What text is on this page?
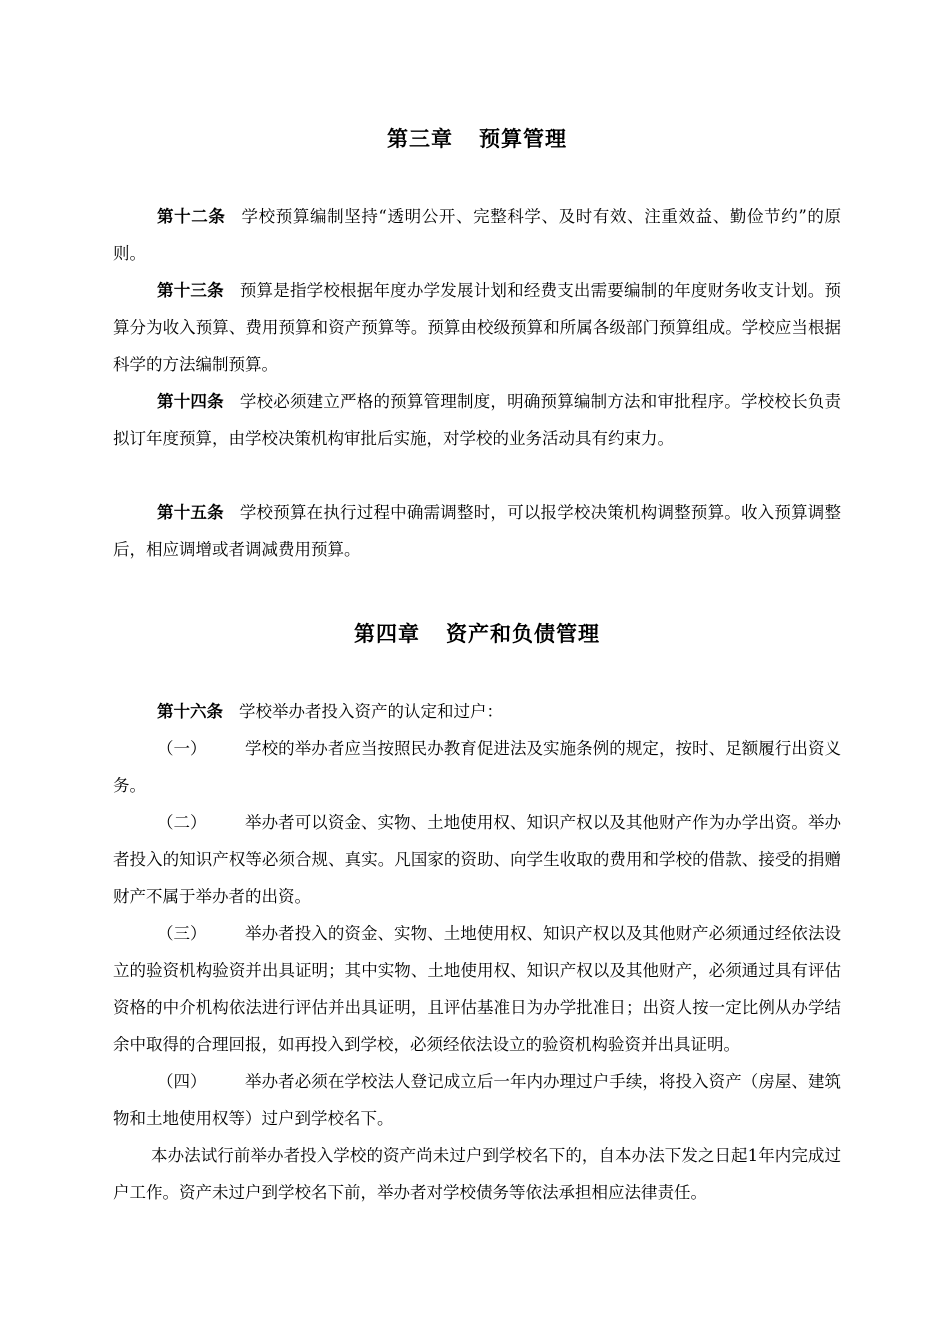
第三章 预算管理

第十二条 学校预算编制坚持“透明公开、完整科学、及时有效、注重效益、勤俭节约”的原则。

第十三条 预算是指学校根据年度办学发展计划和经费支出需要编制的年度财务收支计划。预算分为收入预算、费用预算和资产预算等。预算由校级预算和所属各级部门预算组成。学校应当根据科学的方法编制预算。

第十四条 学校必须建立严格的预算管理制度，明确预算编制方法和审批程序。学校校长负责拟订年度预算，由学校决策机构审批后实施，对学校的业务活动具有约束力。

第十五条 学校预算在执行过程中确需调整时，可以报学校决策机构调整预算。收入预算调整后，相应调增或者调减费用预算。

第四章 资产和负债管理

第十六条 学校举办者投入资产的认定和过户：

（一） 学校的举办者应当按照民办教育促进法及实施条例的规定，按时、足额履行出资义务。

（二） 举办者可以资金、实物、土地使用权、知识产权以及其他财产作为办学出资。举办者投入的知识产权等必须合规、真实。凡国家的资助、向学生收取的费用和学校的借款、接受的捐赠财产不属于举办者的出资。

（三） 举办者投入的资金、实物、土地使用权、知识产权以及其他财产必须通过经依法设立的验资机构验资并出具证明；其中实物、土地使用权、知识产权以及其他财产，必须通过具有评估资格的中介机构依法进行评估并出具证明，且评估基准日为办学批准日；出资人按一定比例从办学结余中取得的合理回报，如再投入到学校，必须经依法设立的验资机构验资并出具证明。

（四） 举办者必须在学校法人登记成立后一年内办理过户手续，将投入资产（房屋、建筑物和土地使用权等）过户到学校名下。

本办法试行前举办者投入学校的资产尚未过户到学校名下的，自本办法下发之日起1年内完成过户工作。资产未过户到学校名下前，举办者对学校债务等依法承担相应法律责任。
